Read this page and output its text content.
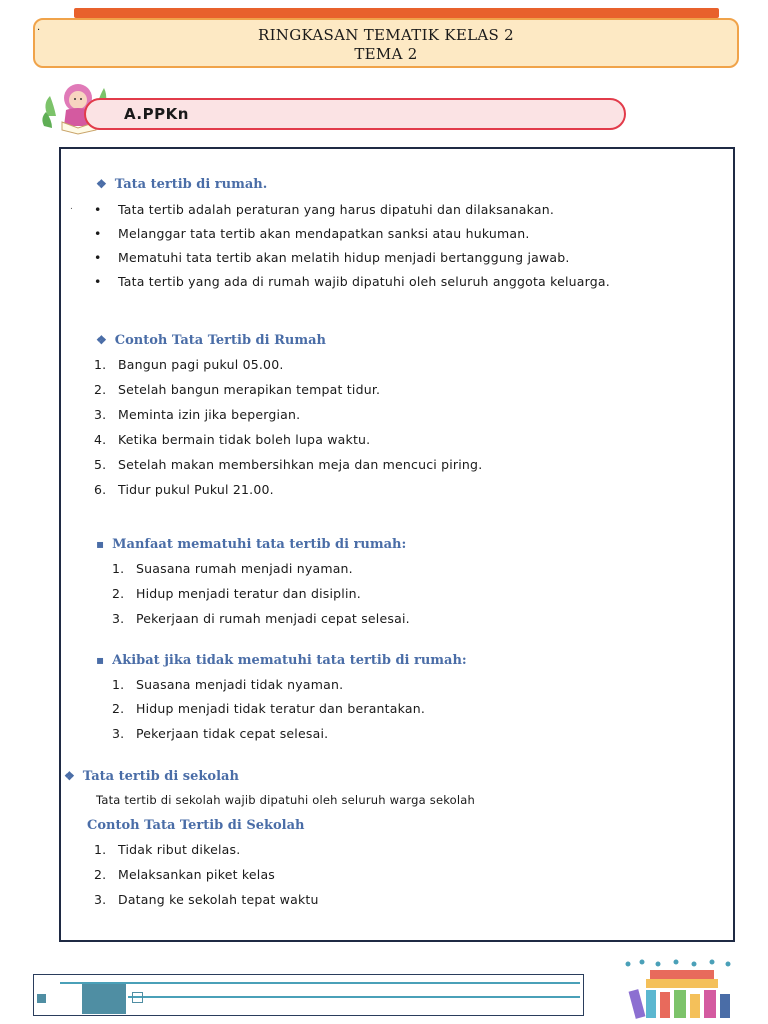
RINGKASAN TEMATIK KELAS 2
TEMA 2
.
A.PPKn
.
❖ Tata tertib di rumah.
• Tata tertib adalah peraturan yang harus dipatuhi dan dilaksanakan.
• Melanggar tata tertib akan mendapatkan sanksi atau hukuman.
• Mematuhi tata tertib akan melatih hidup menjadi bertanggung jawab.
• Tata tertib yang ada di rumah wajib dipatuhi oleh seluruh anggota keluarga.
❖ Contoh Tata Tertib di Rumah
1. Bangun pagi pukul 05.00.
2. Setelah bangun merapikan tempat tidur.
3. Meminta izin jika bepergian.
4. Ketika bermain tidak boleh lupa waktu.
5. Setelah makan membersihkan meja dan mencuci piring.
6. Tidur pukul Pukul 21.00.
▪ Manfaat mematuhi tata tertib di rumah:
1. Suasana rumah menjadi nyaman.
2. Hidup menjadi teratur dan disiplin.
3. Pekerjaan di rumah menjadi cepat selesai.
▪ Akibat jika tidak mematuhi tata tertib di rumah:
1. Suasana menjadi tidak nyaman.
2. Hidup menjadi tidak teratur dan berantakan.
3. Pekerjaan tidak cepat selesai.
❖ Tata tertib di sekolah
Tata tertib di sekolah wajib dipatuhi oleh seluruh warga sekolah
Contoh Tata Tertib di Sekolah
1. Tidak ribut dikelas.
2. Melaksankan piket kelas
3. Datang ke sekolah tepat waktu
